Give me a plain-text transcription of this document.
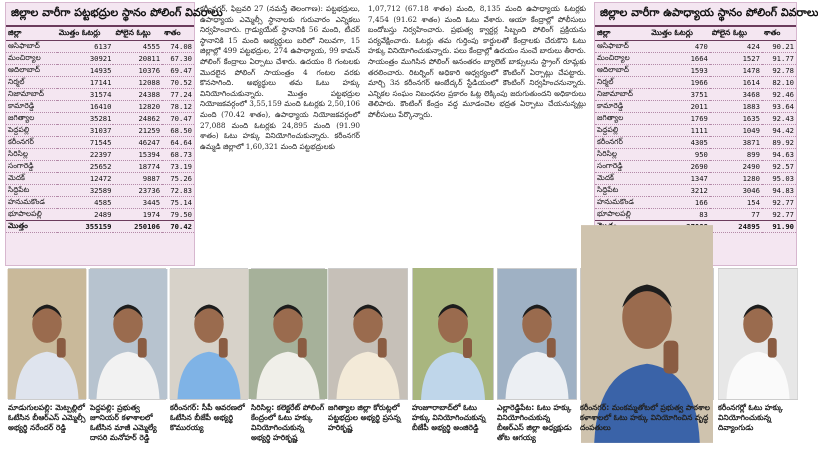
జిల్లాల వారీగా పట్టభద్రుల స్థానం పోలింగ్ వివరాలు
జిల్లా	మొత్తం ఓటర్లు	పోలైన ఓట్లు	శాతం
ఆసిఫాబాద్	6137	4555	74.08
మంచిర్యాల	30921	20811	67.30
ఆదిలాబాద్	14935	10376	69.47
నిర్మల్	17141	12088	70.52
నిజామాబాద్	31574	24388	77.24
కామారెడ్డి	16410	12820	78.12
జగిత్యాల	35281	24862	70.47
పెద్దపల్లి	31037	21259	68.50
కరీంనగర్	71545	46247	64.64
సిరిసిల్ల	22397	15394	68.73
సంగారెడ్డి	25652	18774	73.19
మెదక్	12472	9887	75.26
సిద్దిపేట	32589	23736	72.83
హనుమకొండ	4585	3445	75.14
భూపాలపల్లి	2489	1974	79.50
మొత్తం	355159	250106	70.42
కరీంనగర్, ఫిబ్రవరి 27 (నమస్తే తెలంగాణ): పట్టభద్రులు, ఉపాధ్యాయ ఎమ్మెల్సీ స్థానాలకు గురువారం ఎన్నికలు నిర్వహించారు. గ్రాడ్యుయేట్ స్థానానికి 56 మంది, టీచర్ స్థానానికి 15 మంది అభ్యర్థులు బరిలో నిలువగా, 15 జిల్లాల్లో 499 పట్టభద్రుల, 274 ఉపాధ్యాయ, 99 కామన్ పోలింగ్ కేంద్రాలు ఏర్పాటు చేశారు. ఉదయం 8 గంటలకు మొదలైన పోలింగ్ సాయంత్రం 4 గంటల వరకు కొనసాగింది. అభ్యర్థులు తమ ఓటు హక్కు వినియోగించుకున్నారు. మొత్తం పట్టభద్రుల నియోజకవర్గంలో 3,55,159 మంది ఓటర్లకు 2,50,106 మంది (70.42 శాతం), ఉపాధ్యాయ నియోజకవర్గంలో 27,088 మంది ఓటర్లకు 24,895 మంది (91.90 శాతం) ఓటు హక్కు వినియోగించుకున్నారు. కరీంనగర్ ఉమ్మడి జిల్లాలో 1,60,321 మంది పట్టభద్రులకు
1,07,712 (67.18 శాతం) మంది, 8,135 మంది ఉపాధ్యాయ ఓటర్లకు 7,454 (91.62 శాతం) మంది ఓటు వేశారు. ఆయా కేంద్రాల్లో పోలీసులు బందోబస్తు నిర్వహించారు. ప్రభుత్వ క్వార్టర్ల సిబ్బంది పోలింగ్ ప్రక్రియను పర్యవేక్షించారు. ఓటర్లు తమ గుర్తింపు కార్డులతో కేంద్రాలకు చేరుకొని ఓటు హక్కు వినియోగించుకున్నారు. పలు కేంద్రాల్లో ఉదయం నుంచే బారులు తీరారు. సాయంత్రం ముగిసిన పోలింగ్ అనంతరం బ్యాలెట్ బాక్సులను స్ట్రాంగ్ రూమ్లకు తరలించారు. రిటర్నింగ్ అధికారి ఆధ్వర్యంలో కౌంటింగ్ ఏర్పాట్లు చేపట్టారు. మార్చి 3న కరీంనగర్ అంబేద్కర్ స్టేడియంలో కౌంటింగ్ నిర్వహించనున్నారు. ఎన్నికల సంఘం నిబంధనల ప్రకారం ఓట్ల లెక్కింపు జరుగుతుందని అధికారులు తెలిపారు. కౌంటింగ్ కేంద్రం వద్ద మూడంచెల భద్రత ఏర్పాటు చేయనున్నట్లు పోలీసులు పేర్కొన్నారు.
జిల్లాల వారీగా ఉపాధ్యాయ స్థానం పోలింగ్ వివరాలు
జిల్లా	మొత్తం ఓటర్లు	పోలైన ఓట్లు	శాతం
ఆసిఫాబాద్	470	424	90.21
మంచిర్యాల	1664	1527	91.77
ఆదిలాబాద్	1593	1478	92.78
నిర్మల్	1966	1614	82.10
నిజామాబాద్	3751	3468	92.46
కామారెడ్డి	2011	1883	93.64
జగిత్యాల	1769	1635	92.43
పెద్దపల్లి	1111	1049	94.42
కరీంనగర్	4305	3871	89.92
సిరిసిల్ల	950	899	94.63
సంగారెడ్డి	2690	2490	92.57
మెదక్	1347	1280	95.03
సిద్దిపేట	3212	3046	94.83
హనుమకొండ	166	154	92.77
భూపాలపల్లి	83	77	92.77
		24895	91.90
మాడుగులపల్లి: మెట్పల్లిలో ఓటేసిన బీఆర్ఎస్ ఎమ్మెల్సీ అభ్యర్థి నరేందర్ రెడ్డి
పెద్దపల్లి: ప్రభుత్వ జూనియర్ కళాశాలలో ఓటేసిన మాజీ ఎమ్మెల్యే దాసరి మనోహర్ రెడ్డి
కరీంనగర్: సీపీ ఆవరణలో ఓటేసిన బీజేపీ అభ్యర్థి కొమురయ్య
సిరిసిల్ల: కలెక్టరేట్ పోలింగ్ కేంద్రంలో ఓటు హక్కు వినియోగించుకున్న అభ్యర్థి హరికృష్ణ
జగిత్యాల జిల్లా కోరుట్లలో పట్టభద్రుల అభ్యర్థి ప్రసన్న హరికృష్ణ
హుజూరాబాద్‌లో ఓటు హక్కు వినియోగించుకున్న బీజేపీ అభ్యర్థి అంజిరెడ్డి
ఎల్లారెడ్డిపేట: ఓటు హక్కు వినియోగించుకున్న బీఆర్ఎస్ జిల్లా అధ్యక్షుడు తోట ఆగయ్య
కరీంనగర్: మంకమ్మతోటలో ప్రభుత్వ పాఠశాల కళాశాలలో ఓటు హక్కు వినియోగించిన వృద్ధ దంపతులు
కరీంనగర్లో ఓటు హక్కు వినియోగించుకున్న దివ్యాంగుడు
